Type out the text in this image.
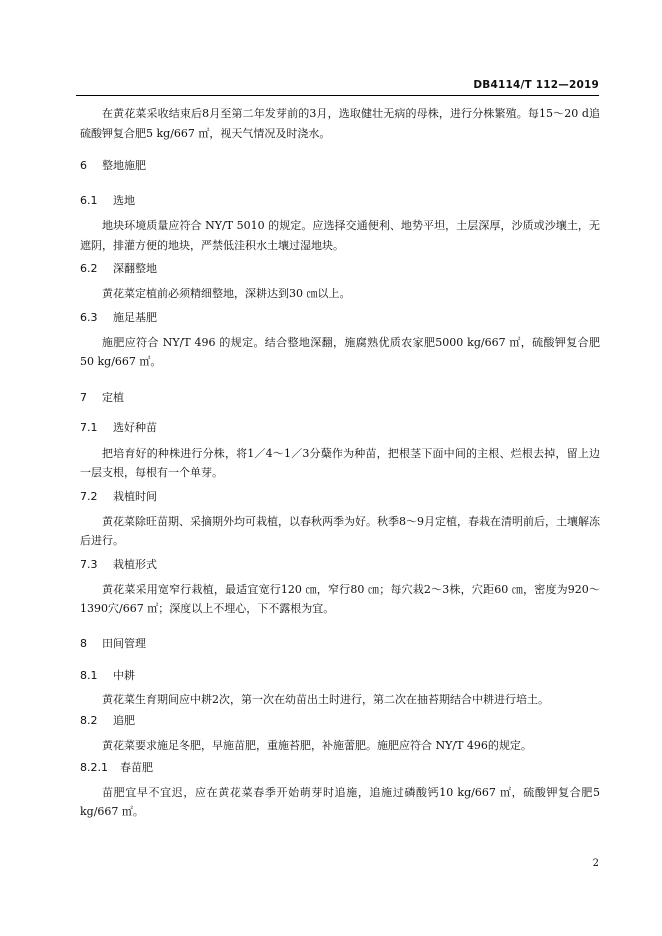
DB4114/T 112—2019

在黄花菜采收结束后8月至第二年发芽前的3月，选取健壮无病的母株，进行分株繁殖。每15～20 d追硫酸钾复合肥5 kg/667 ㎡，视天气情况及时浇水。

6 整地施肥
6.1 选地

地块环境质量应符合 NY/T 5010 的规定。应选择交通便利、地势平坦，土层深厚，沙质或沙壤土，无遮阴，排灌方便的地块，严禁低洼积水土壤过湿地块。

6.2 深翻整地

黄花菜定植前必须精细整地，深耕达到30 ㎝以上。

6.3 施足基肥

施肥应符合 NY/T 496 的规定。结合整地深翻，施腐熟优质农家肥5000 kg/667 ㎡，硫酸钾复合肥50 kg/667 ㎡。

7 定植
7.1 选好种苗

把培育好的种株进行分株，将1／4～1／3分蘖作为种苗，把根茎下面中间的主根、烂根去掉，留上边一层支根，每根有一个单芽。

7.2 栽植时间

黄花菜除旺苗期、采摘期外均可栽植，以春秋两季为好。秋季8～9月定植，春栽在清明前后，土壤解冻后进行。

7.3 栽植形式

黄花菜采用宽窄行栽植，最适宜宽行120 ㎝，窄行80 ㎝；每穴栽2～3株，穴距60 ㎝，密度为920～1390穴/667 ㎡；深度以上不埋心，下不露根为宜。

8 田间管理
8.1 中耕

黄花菜生育期间应中耕2次，第一次在幼苗出土时进行，第二次在抽苔期结合中耕进行培土。

8.2 追肥

黄花菜要求施足冬肥，早施苗肥，重施苔肥，补施蕾肥。施肥应符合 NY/T 496的规定。

8.2.1 春苗肥

苗肥宜早不宜迟，应在黄花菜春季开始萌芽时追施，追施过磷酸钙10 kg/667 ㎡，硫酸钾复合肥5 kg/667 ㎡。

2
